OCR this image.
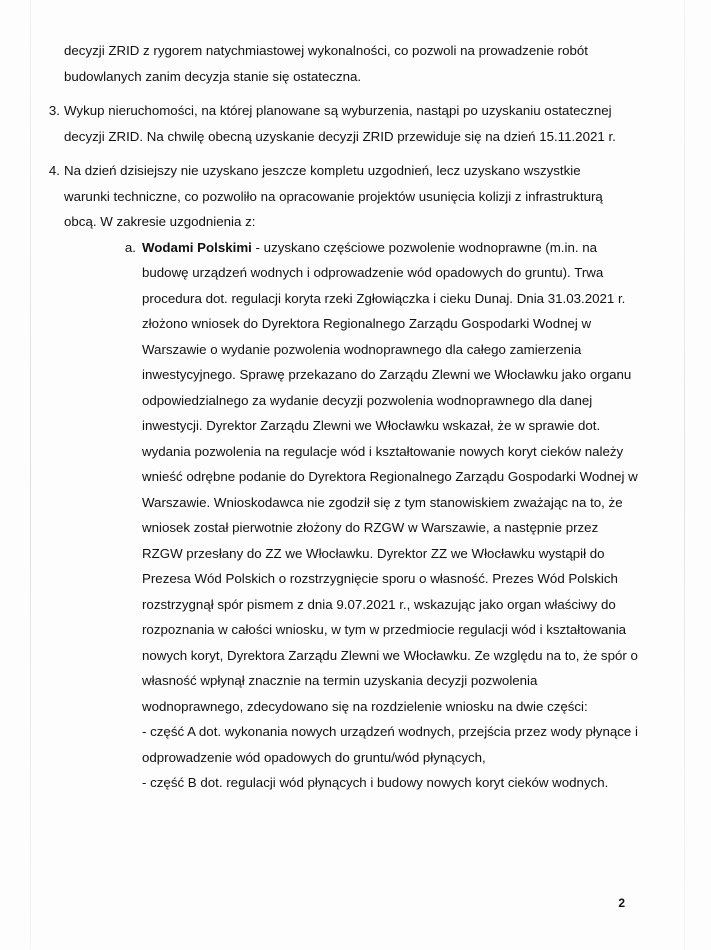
decyzji ZRID z rygorem natychmiastowej wykonalności, co pozwoli na prowadzenie robót budowlanych zanim decyzja stanie się ostateczna.

3. Wykup nieruchomości, na której planowane są wyburzenia, nastąpi po uzyskaniu ostatecznej decyzji ZRID. Na chwilę obecną uzyskanie decyzji ZRID przewiduje się na dzień 15.11.2021 r.

4. Na dzień dzisiejszy nie uzyskano jeszcze kompletu uzgodnień, lecz uzyskano wszystkie warunki techniczne, co pozwoliło na opracowanie projektów usunięcia kolizji z infrastrukturą obcą. W zakresie uzgodnienia z:

a. Wodami Polskimi - uzyskano częściowe pozwolenie wodnoprawne (m.in. na budowę urządzeń wodnych i odprowadzenie wód opadowych do gruntu). Trwa procedura dot. regulacji koryta rzeki Zgłowiączka i cieku Dunaj. Dnia 31.03.2021 r. złożono wniosek do Dyrektora Regionalnego Zarządu Gospodarki Wodnej w Warszawie o wydanie pozwolenia wodnoprawnego dla całego zamierzenia inwestycyjnego. Sprawę przekazano do Zarządu Zlewni we Włocławku jako organu odpowiedzialnego za wydanie decyzji pozwolenia wodnoprawnego dla danej inwestycji. Dyrektor Zarządu Zlewni we Włocławku wskazał, że w sprawie dot. wydania pozwolenia na regulacje wód i kształtowanie nowych koryt cieków należy wnieść odrębne podanie do Dyrektora Regionalnego Zarządu Gospodarki Wodnej w Warszawie. Wnioskodawca nie zgodził się z tym stanowiskiem zważając na to, że wniosek został pierwotnie złożony do RZGW w Warszawie, a następnie przez RZGW przesłany do ZZ we Włocławku. Dyrektor ZZ we Włocławku wystąpił do Prezesa Wód Polskich o rozstrzygnięcie sporu o własność. Prezes Wód Polskich rozstrzygnął spór pismem z dnia 9.07.2021 r., wskazując jako organ właściwy do rozpoznania w całości wniosku, w tym w przedmiocie regulacji wód i kształtowania nowych koryt, Dyrektora Zarządu Zlewni we Włocławku. Ze względu na to, że spór o własność wpłynął znacznie na termin uzyskania decyzji pozwolenia wodnoprawnego, zdecydowano się na rozdzielenie wniosku na dwie części:

- część A dot. wykonania nowych urządzeń wodnych, przejścia przez wody płynące i odprowadzenie wód opadowych do gruntu/wód płynących,

- część B dot. regulacji wód płynących i budowy nowych koryt cieków wodnych.

2
